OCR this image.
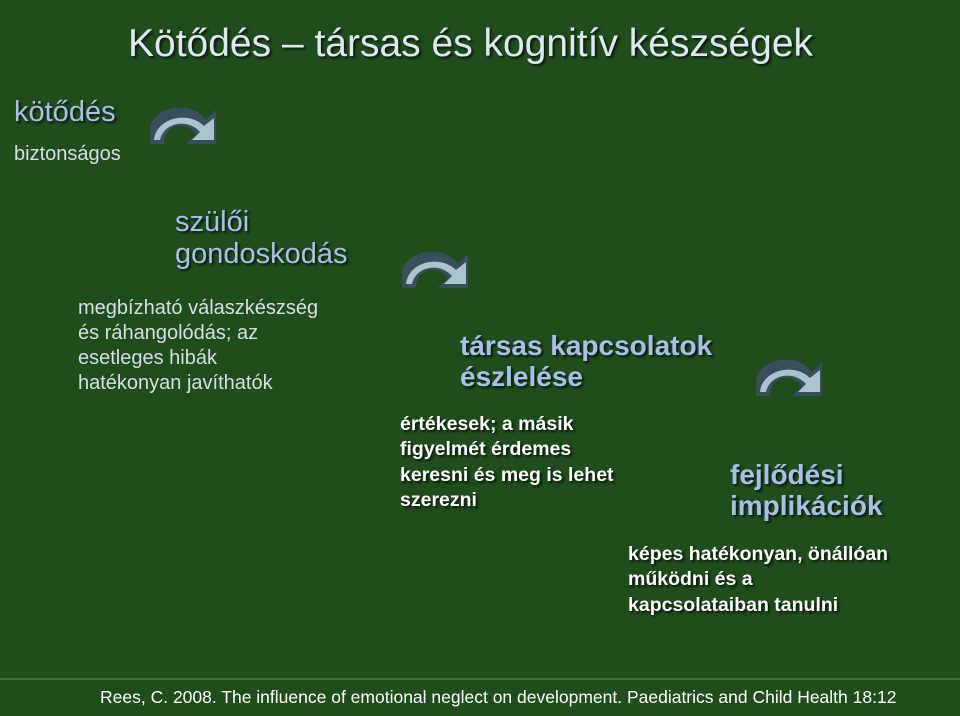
Kötődés – társas és kognitív készségek
kötődés
biztonságos
szülői
gondoskodás
megbízható válaszkészség
és ráhangolódás; az
esetleges hibák
hatékonyan javíthatók
társas kapcsolatok
észlelése
értékesek; a másik
figyelmét érdemes
keresni és meg is lehet
szerezni
fejlődési
implikációk
képes hatékonyan, önállóan
működni és a
kapcsolataiban tanulni
Rees, C. 2008. The influence of emotional neglect on development. Paediatrics and Child Health 18:12
